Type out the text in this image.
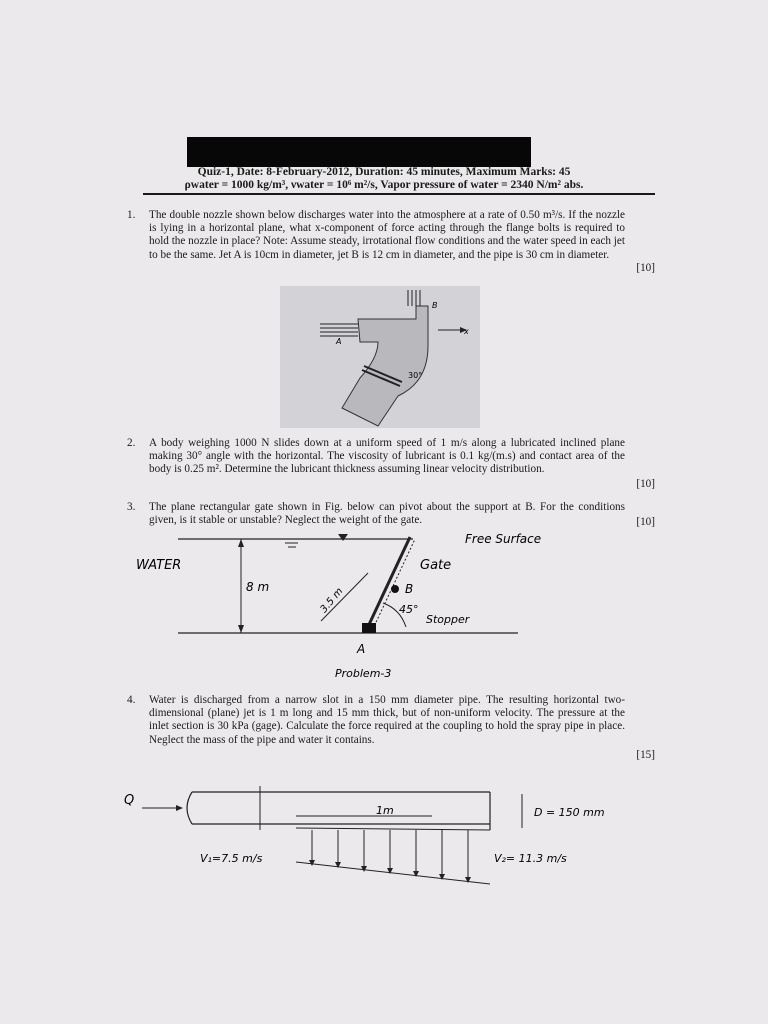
Quiz-1, Date: 8-February-2012, Duration: 45 minutes, Maximum Marks: 45
ρwater = 1000 kg/m³, νwater = 10⁶ m²/s, Vapor pressure of water = 2340 N/m² abs.
1. The double nozzle shown below discharges water into the atmosphere at a rate of 0.50 m³/s. If the nozzle is lying in a horizontal plane, what x-component of force acting through the flange bolts is required to hold the nozzle in place? Note: Assume steady, irrotational flow conditions and the water speed in each jet to be the same. Jet A is 10cm in diameter, jet B is 12 cm in diameter, and the pipe is 30 cm in diameter.
[10]
x
B
A
30°
2. A body weighing 1000 N slides down at a uniform speed of 1 m/s along a lubricated inclined plane making 30° angle with the horizontal. The viscosity of lubricant is 0.1 kg/(m.s) and contact area of the body is 0.25 m². Determine the lubricant thickness assuming linear velocity distribution.
[10]
3. The plane rectangular gate shown in Fig. below can pivot about the support at B. For the conditions given, is it stable or unstable? Neglect the weight of the gate.	[10]
WATER
8 m	3.5 m
Gate
B
45°
Stopper
A
Free Surface
Problem-3
4. Water is discharged from a narrow slot in a 150 mm diameter pipe. The resulting horizontal two-dimensional (plane) jet is 1 m long and 15 mm thick, but of non-uniform velocity. The pressure at the inlet section is 30 kPa (gage). Calculate the force required at the coupling to hold the spray pipe in place. Neglect the mass of the pipe and water it contains.
[15]
Q
1m	D = 150 mm
V₁=7.5 m/s	V₂= 11.3 m/s
